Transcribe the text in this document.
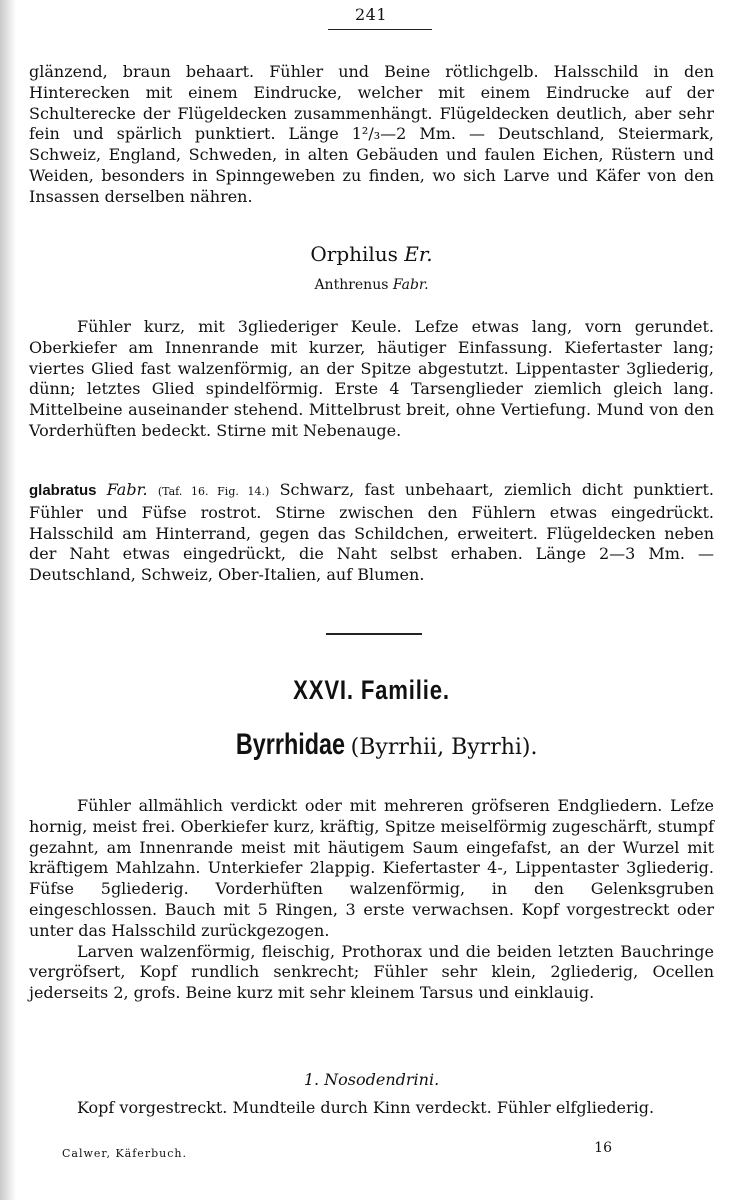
241

glänzend, braun behaart. Fühler und Beine rötlichgelb. Halsschild in den Hinterecken mit einem Eindrucke, welcher mit einem Eindrucke auf der Schulterecke der Flügeldecken zusammenhängt. Flügeldecken deutlich, aber sehr fein und spärlich punktiert. Länge 1²/₃—2 Mm. — Deutschland, Steiermark, Schweiz, England, Schweden, in alten Gebäuden und faulen Eichen, Rüstern und Weiden, besonders in Spinngeweben zu finden, wo sich Larve und Käfer von den Insassen derselben nähren.

Orphilus Er.
Anthrenus Fabr.

Fühler kurz, mit 3gliederiger Keule. Lefze etwas lang, vorn gerundet. Oberkiefer am Innenrande mit kurzer, häutiger Einfassung. Kiefertaster lang; viertes Glied fast walzenförmig, an der Spitze abgestutzt. Lippentaster 3gliederig, dünn; letztes Glied spindelförmig. Erste 4 Tarsenglieder ziemlich gleich lang. Mittelbeine auseinander stehend. Mittelbrust breit, ohne Vertiefung. Mund von den Vorderhüften bedeckt. Stirne mit Nebenauge.

glabratus Fabr. (Taf. 16. Fig. 14.) Schwarz, fast unbehaart, ziemlich dicht punktiert. Fühler und Füfse rostrot. Stirne zwischen den Fühlern etwas eingedrückt. Halsschild am Hinterrand, gegen das Schildchen, erweitert. Flügeldecken neben der Naht etwas eingedrückt, die Naht selbst erhaben. Länge 2—3 Mm. — Deutschland, Schweiz, Ober-Italien, auf Blumen.

XXVI. Familie.
Byrrhidae (Byrrhii, Byrrhi).

Fühler allmählich verdickt oder mit mehreren gröfseren Endgliedern. Lefze hornig, meist frei. Oberkiefer kurz, kräftig, Spitze meiselförmig zugeschärft, stumpf gezahnt, am Innenrande meist mit häutigem Saum eingefafst, an der Wurzel mit kräftigem Mahlzahn. Unterkiefer 2lappig. Kiefertaster 4-, Lippentaster 3gliederig. Füfse 5gliederig. Vorderhüften walzenförmig, in den Gelenksgruben eingeschlossen. Bauch mit 5 Ringen, 3 erste verwachsen. Kopf vorgestreckt oder unter das Halsschild zurückgezogen.

Larven walzenförmig, fleischig, Prothorax und die beiden letzten Bauchringe vergröfsert, Kopf rundlich senkrecht; Fühler sehr klein, 2gliederig, Ocellen jederseits 2, grofs. Beine kurz mit sehr kleinem Tarsus und einklauig.

1. Nosodendrini.

Kopf vorgestreckt. Mundteile durch Kinn verdeckt. Fühler elfgliederig.

Calwer, Käferbuch.	16
